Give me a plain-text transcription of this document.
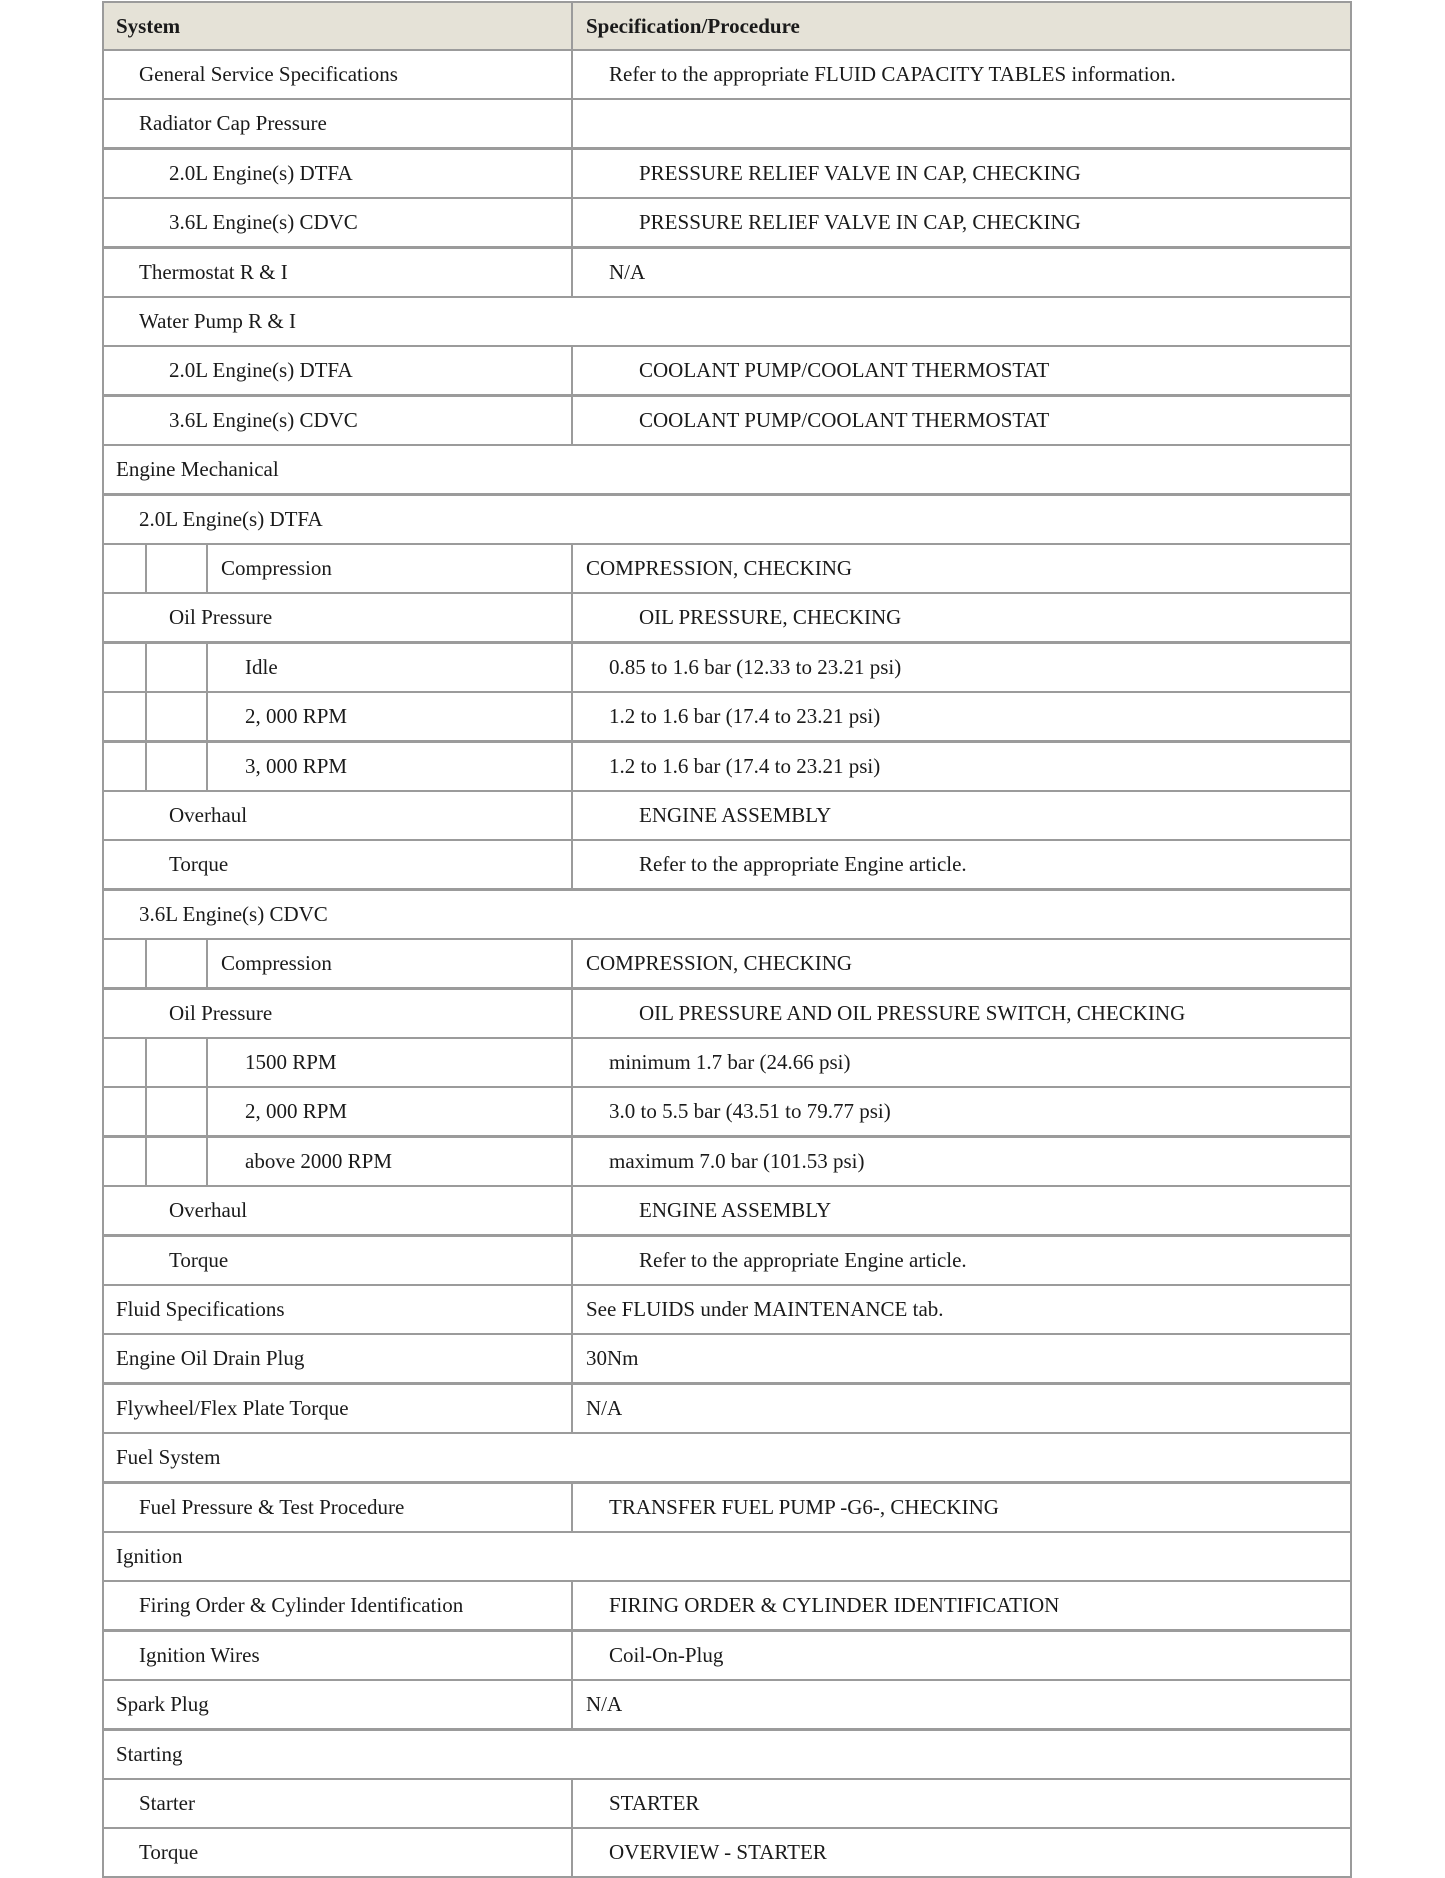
System	Specification/Procedure
General Service Specifications	Refer to the appropriate FLUID CAPACITY TABLES information.
Radiator Cap Pressure
2.0L Engine(s) DTFA	PRESSURE RELIEF VALVE IN CAP, CHECKING
3.6L Engine(s) CDVC	PRESSURE RELIEF VALVE IN CAP, CHECKING
Thermostat R & I	N/A
Water Pump R & I
2.0L Engine(s) DTFA	COOLANT PUMP/COOLANT THERMOSTAT
3.6L Engine(s) CDVC	COOLANT PUMP/COOLANT THERMOSTAT
Engine Mechanical
2.0L Engine(s) DTFA
Compression	COMPRESSION, CHECKING
Oil Pressure	OIL PRESSURE, CHECKING
Idle	0.85 to 1.6 bar (12.33 to 23.21 psi)
2, 000 RPM	1.2 to 1.6 bar (17.4 to 23.21 psi)
3, 000 RPM	1.2 to 1.6 bar (17.4 to 23.21 psi)
Overhaul	ENGINE ASSEMBLY
Torque	Refer to the appropriate Engine article.
3.6L Engine(s) CDVC
Compression	COMPRESSION, CHECKING
Oil Pressure	OIL PRESSURE AND OIL PRESSURE SWITCH, CHECKING
1500 RPM	minimum 1.7 bar (24.66 psi)
2, 000 RPM	3.0 to 5.5 bar (43.51 to 79.77 psi)
above 2000 RPM	maximum 7.0 bar (101.53 psi)
Overhaul	ENGINE ASSEMBLY
Torque	Refer to the appropriate Engine article.
Fluid Specifications	See FLUIDS under MAINTENANCE tab.
Engine Oil Drain Plug	30Nm
Flywheel/Flex Plate Torque	N/A
Fuel System
Fuel Pressure & Test Procedure	TRANSFER FUEL PUMP -G6-, CHECKING
Ignition
Firing Order & Cylinder Identification	FIRING ORDER & CYLINDER IDENTIFICATION
Ignition Wires	Coil-On-Plug
Spark Plug	N/A
Starting
Starter	STARTER
Torque	OVERVIEW - STARTER
